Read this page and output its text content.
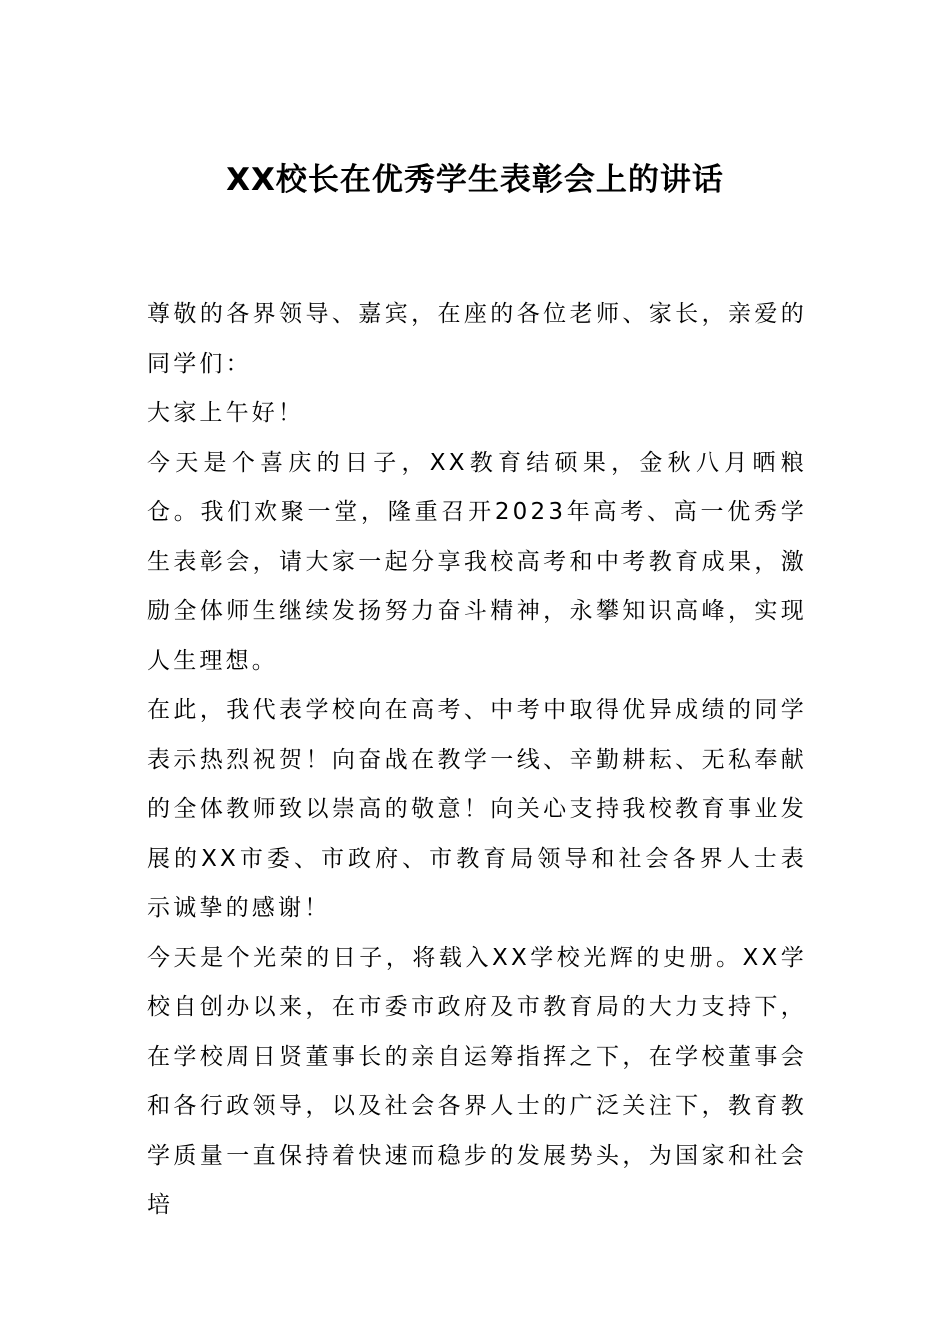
XX校长在优秀学生表彰会上的讲话

尊敬的各界领导、嘉宾，在座的各位老师、家长，亲爱的同学们：

大家上午好！

今天是个喜庆的日子，XX教育结硕果，金秋八月晒粮仓。我们欢聚一堂，隆重召开2023年高考、高一优秀学生表彰会，请大家一起分享我校高考和中考教育成果，激励全体师生继续发扬努力奋斗精神，永攀知识高峰，实现人生理想。

在此，我代表学校向在高考、中考中取得优异成绩的同学表示热烈祝贺！向奋战在教学一线、辛勤耕耘、无私奉献的全体教师致以崇高的敬意！向关心支持我校教育事业发展的XX市委、市政府、市教育局领导和社会各界人士表示诚挚的感谢！

今天是个光荣的日子，将载入XX学校光辉的史册。XX学校自创办以来，在市委市政府及市教育局的大力支持下，在学校周日贤董事长的亲自运筹指挥之下，在学校董事会和各行政领导，以及社会各界人士的广泛关注下，教育教学质量一直保持着快速而稳步的发展势头，为国家和社会培
